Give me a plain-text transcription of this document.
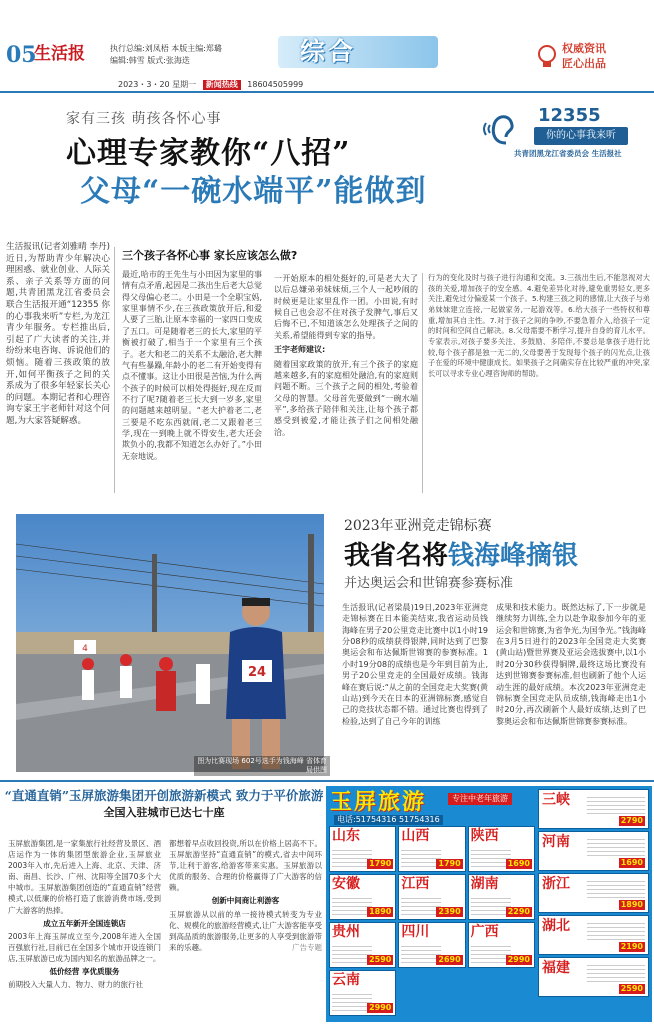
05
生活报	执行总编:刘凤梧 本版主编:郑璐
编辑:韩雪 版式:张海迭	综合	权威资讯
匠心出品
2023・3・20 星期一 新闻热线 18604505999
家有三孩 萌孩各怀心事
心理专家教你“八招”
父母“一碗水端平”能做到
12355
你的心事我来听
共青团黑龙江省委员会 生活报社
生活报讯(记者刘雅晴 李丹)近日,为帮助青少年解决心理困惑、就业创业、人际关系、亲子关系等方面的问题,共青团黑龙江省委员会联合生活报开通“12355 你的心事我来听”专栏,为龙江青少年服务。专栏推出后,引起了广大读者的关注,并纷纷来电咨询、诉说他们的烦恼。随着三孩政策的放开,如何平衡孩子之间的关系成为了很多年轻家长关心的问题。本期记者和心理咨询专家王宇老师针对这个问题,为大家答疑解惑。
三个孩子各怀心事 家长应该怎么做?
最近,哈市的王先生与小田因为家里的事情有点矛盾,起因是二孩出生后老大总觉得父母偏心老二。小田是一个全职宝妈,家里事情不少,在三孩政策放开后,和爱人要了三胎,让原本幸福的一家四口变成了五口。可是随着老三的长大,家里的平衡被打破了,相当于一个家里有三个孩子。老大和老二的关系不太融洽,老大脾气有些暴躁,年龄小的老二有开始变得有点不懂事。这让小田很是苦恼,为什么两个孩子的时候可以相处得挺好,现在反而不行了呢?随着老三长大到一岁多,家里的问题越来越明显。“老大护着老二,老三要是不吃东西就闹,老二又跟着老三学,现在一到晚上就不得安生,老大还会欺负小的,我都不知道怎么办好了。”小田无奈地说。
一开始原本的相处挺好的,可是老大大了以后总嫌弟弟妹妹烦,三个人一起吵闹的时候更是让家里乱作一团。小田说,有时候自己也会忍不住对孩子发脾气,事后又后悔不已,不知道该怎么处理孩子之间的关系,希望能得到专家的指导。
王宇老师建议:
随着国家政策的放开,有三个孩子的家庭越来越多,有的家庭相处融洽,有的家庭则问题不断。三个孩子之间的相处,考验着父母的智慧。父母首先要做到“一碗水端平”,多给孩子陪伴和关注,让每个孩子都感受到被爱,才能让孩子们之间相处融洽。
行为的变化及时与孩子进行沟通和交流。3.三孩出生后,不能忽视对大孩的关爱,增加孩子的安全感。4.避免差异化对待,避免重男轻女,更多关注,避免过分偏爱某一个孩子。5.构建三孩之间的感情,让大孩子与弟弟妹妹建立连接,一起做家务,一起游戏等。6.给大孩子一些特权和尊重,增加其自主性。7.对于孩子之间的争吵,不要急着介入,给孩子一定的时间和空间自己解决。8.父母需要不断学习,提升自身的育儿水平。专家表示,对孩子要多关注、多鼓励、多陪伴,不要总是拿孩子进行比较,每个孩子都是独一无二的,父母要善于发现每个孩子的闪光点,让孩子在爱的环境中健康成长。如果孩子之间确实存在比较严重的冲突,家长可以寻求专业心理咨询师的帮助。
24
4
图为比赛现场 602号选手为钱海峰 省体育局供图
2023年亚洲竞走锦标赛
我省名将钱海峰摘银
并达奥运会和世锦赛参赛标准
生活报讯(记者梁晨)19日,2023年亚洲竞走锦标赛在日本能美结束,我省运动员钱海峰在男子20公里竞走比赛中以1小时19分08秒的成绩获得银牌,同时达到了巴黎奥运会和布达佩斯世锦赛的参赛标准。1小时19分08的成绩也是今年到目前为止,男子20公里竞走的全国最好成绩。钱海峰在赛后说:“从之前的全国竞走大奖赛(黄山站)到今天在日本的亚洲锦标赛,感觉自己的竞技状态都不错。通过比赛也得到了检验,达到了自己今年的训练
成果和技术能力。既然达标了,下一步就是继续努力训练,全力以赴争取参加今年的亚运会和世锦赛,为省争光,为国争光。”钱海峰在3月5日进行的2023年全国竞走大奖赛(黄山站)暨世界赛及亚运会选拔赛中,以1小时20分30秒获得铜牌,最终这场比赛没有达到世锦赛参赛标准,但也刷新了他个人运动生涯的最好成绩。本次2023年亚洲竞走锦标赛全国竞走队员成绩,钱海峰走出1小时20分,再次刷新个人最好成绩,达到了巴黎奥运会和布达佩斯世锦赛参赛标准。
“直通直销”玉屏旅游集团开创旅游新模式 致力于平价旅游
全国入驻城市已达七十座
玉屏旅游集团,是一家集旅行社经营及景区、酒店运作为一体的集团型旅游企业,玉屏旅业2003年入市,先后进入上海、北京、天津、济南、南昌、长沙、广州、沈阳等全国70多个大中城市。玉屏旅游集团创造的“直通直销”经营模式,以低廉的价格打造了旅游消费市场,受到广大游客的热捧。
成立五年新开全国连锁店
2003年上海玉屏成立至今,2008年进入全国百强旅行社,目前已在全国多个城市开设连锁门店,玉屏旅游已成为国内知名的旅游品牌之一。
低价经营 享优质服务
前期投入大量人力、物力、财力的旅行社
都想着早点收回投资,所以在价格上居高不下。玉屏旅游坚持“直通直销”的模式,省去中间环节,让利于游客,给游客带来实惠。玉屏旅游以优质的服务、合理的价格赢得了广大游客的信赖。
创新中间商让利游客
玉屏旅游从以前的单一接待模式转变为专业化、规模化的旅游经营模式,让广大游客能享受到高品质的旅游服务,让更多的人享受到旅游带来的乐趣。	广告专题
玉屏旅游	专注中老年旅游
电话:51754316 51754316
山东
1790
山西
1790
陕西
1690
安徽
1890
江西
2390
湖南
2290
贵州
2590
四川
2690
广西
2990
云南
2990
三峡
2790
河南
1690
浙江
1890
湖北
2190
福建
2590
